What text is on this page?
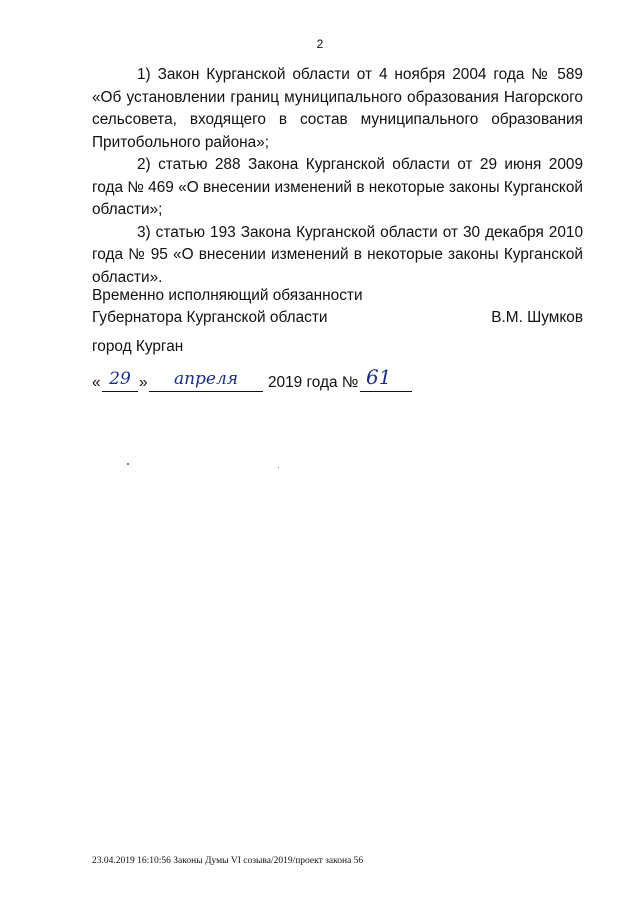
2

1) Закон Курганской области от 4 ноября 2004 года № 589 «Об установлении границ муниципального образования Нагорского сельсовета, входящего в состав муниципального образования Притобольного района»;

2) статью 288 Закона Курганской области от 29 июня 2009 года № 469 «О внесении изменений в некоторые законы Курганской области»;

3) статью 193 Закона Курганской области от 30 декабря 2010 года № 95 «О внесении изменений в некоторые законы Курганской области».

Временно исполняющий обязанности
Губернатора Курганской области	В.М. Шумков
город Курган
« 29 »	апреля	2019 года № 61
23.04.2019 16:10:56 Законы Думы VI созыва/2019/проект закона 56
